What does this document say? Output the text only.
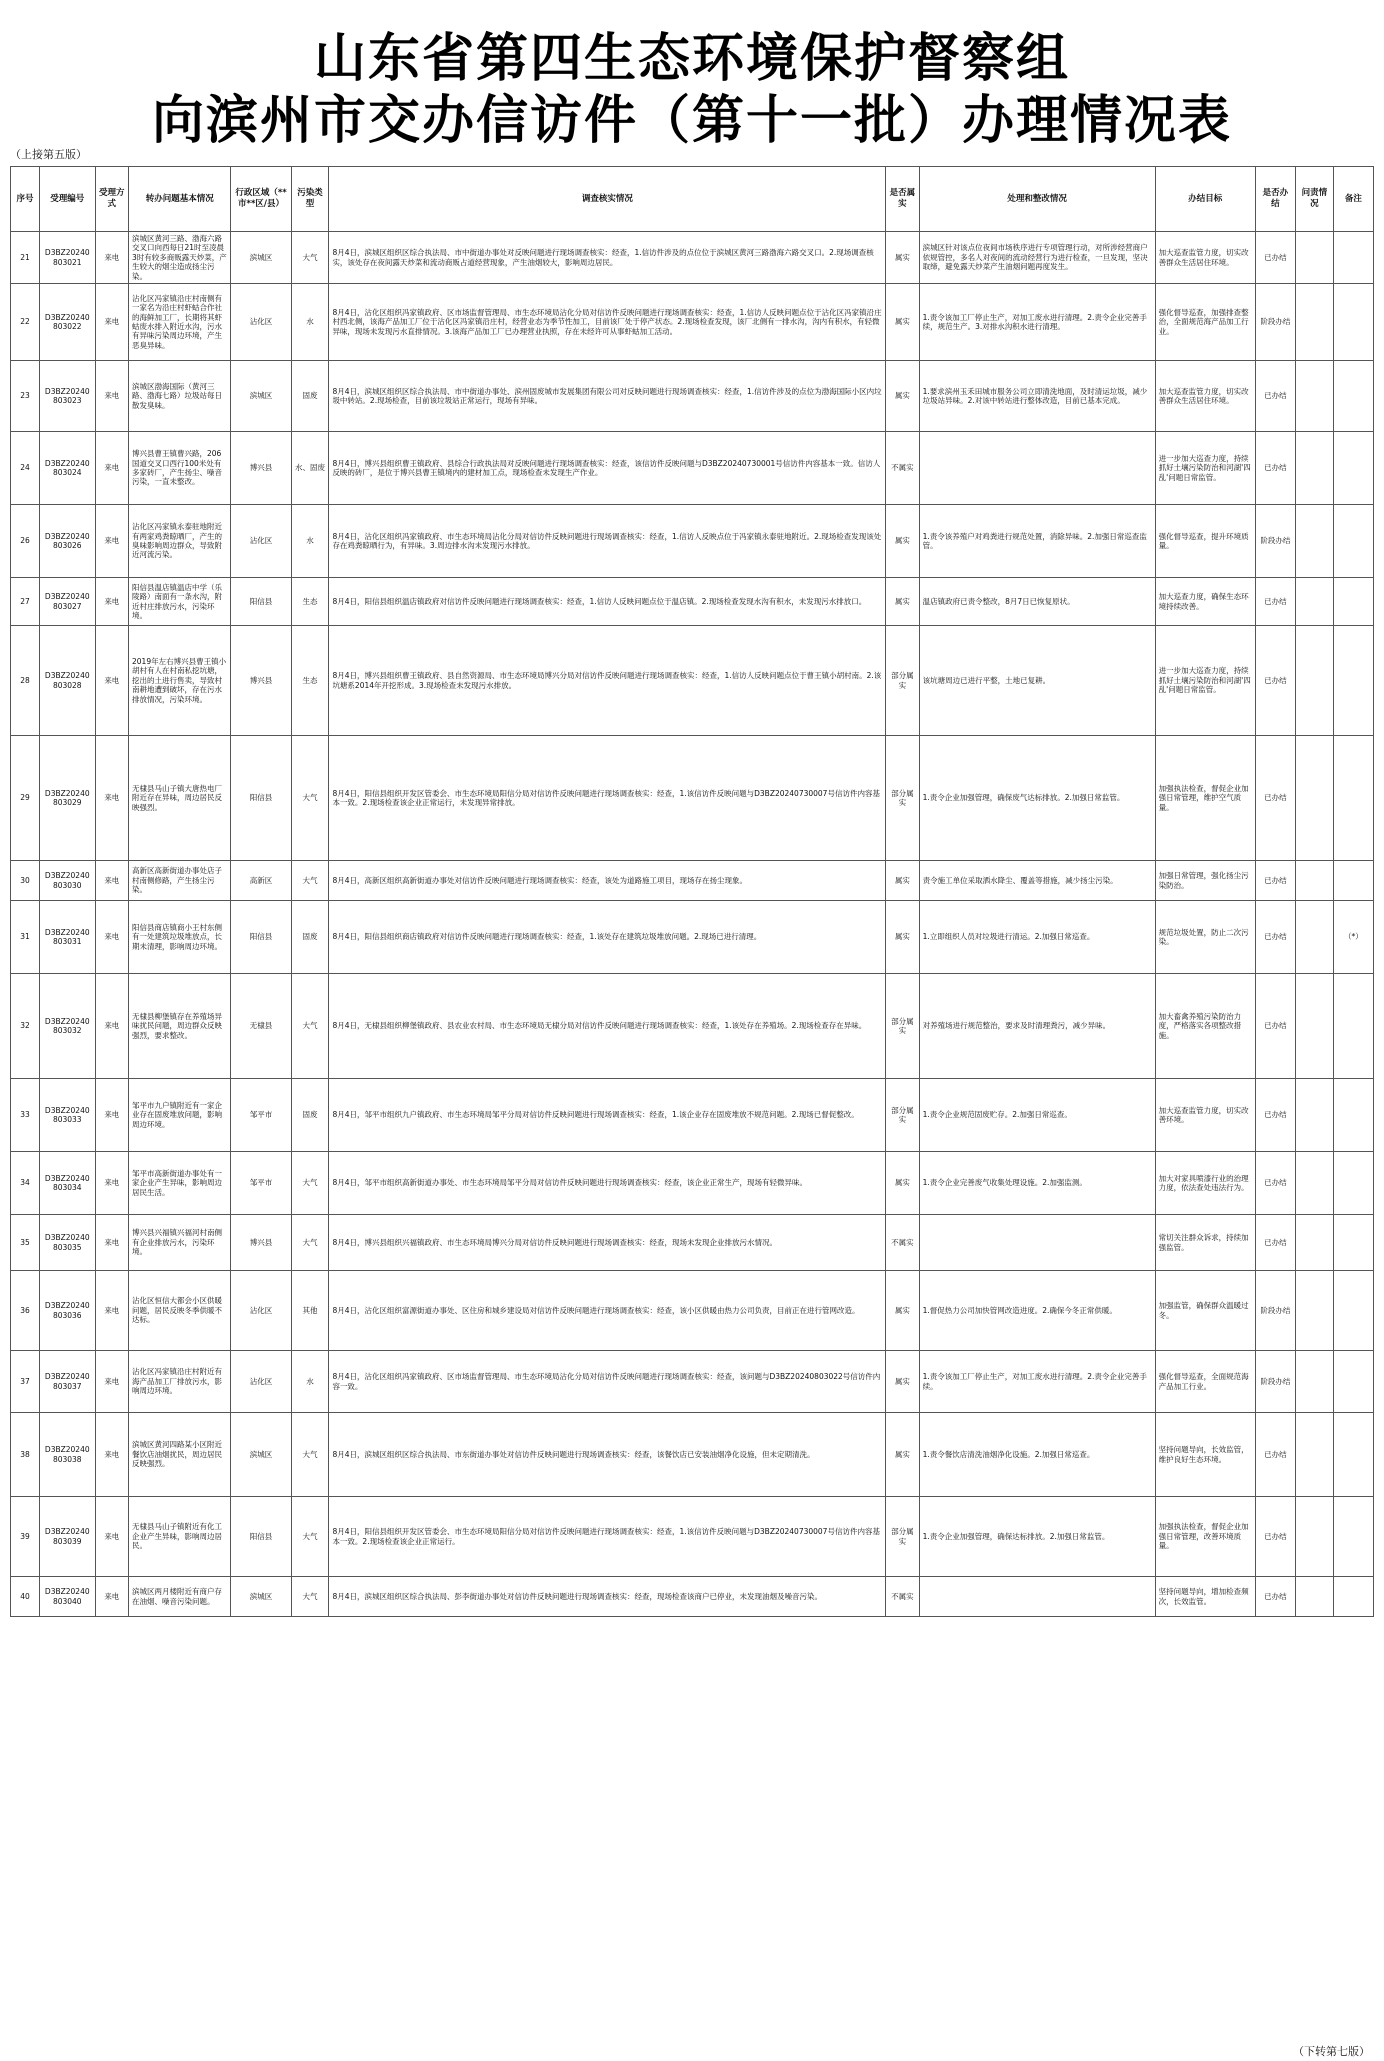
山东省第四生态环境保护督察组
向滨州市交办信访件（第十一批）办理情况表
（上接第五版）
序号	受理编号	受理方式	转办问题基本情况	行政区域（**市**区/县）	污染类型	调查核实情况	是否属实	处理和整改情况	办结目标	是否办结	问责情况	备注
21	D3BZ20240803021	来电	滨城区黄河三路、渤海六路交叉口向西每日21时至凌晨3时有较多商贩露天炒菜，产生较大的烟尘造成扬尘污染。	滨城区	大气	8月4日，滨城区组织区综合执法局、市中街道办事处对反映问题进行现场调查核实：经查，1.信访件涉及的点位位于滨城区黄河三路渤海六路交叉口。2.现场调查核实，该处存在夜间露天炒菜和流动商贩占道经营现象，产生油烟较大，影响周边居民。	属实	滨城区针对该点位夜间市场秩序进行专项管理行动，对所涉经营商户依规管控，多名人对夜间的流动经营行为进行检查，一旦发现，坚决取缔，避免露天炒菜产生油烟问题再度发生。	加大巡查监管力度，切实改善群众生活居住环境。	已办结		
22	D3BZ20240803022	来电	沾化区冯家镇沿庄村南侧有一家名为沿庄村虾蛄合作社的海鲜加工厂，长期将其虾蛄废水排入附近水沟，污水有异味污染周边环境，产生恶臭异味。	沾化区	水	8月4日，沾化区组织冯家镇政府、区市场监督管理局、市生态环境局沾化分局对信访件反映问题进行现场调查核实：经查，1.信访人反映问题点位于沾化区冯家镇沿庄村西北侧，该海产品加工厂位于沾化区冯家镇沿庄村，经营业态为季节性加工，目前该厂处于停产状态。2.现场检查发现，该厂北侧有一排水沟，沟内有积水，有轻微异味，现场未发现污水直排情况。3.该海产品加工厂已办理营业执照，存在未经许可从事虾蛄加工活动。	属实	1.责令该加工厂停止生产，对加工废水进行清理。2.责令企业完善手续，规范生产。3.对排水沟积水进行清理。	强化督导巡查，加强排查整治，全面规范海产品加工行业。	阶段办结		
23	D3BZ20240803023	来电	滨城区渤海国际（黄河三路、渤海七路）垃圾站每日散发臭味。	滨城区	固废	8月4日，滨城区组织区综合执法局、市中街道办事处、滨州固废城市发展集团有限公司对反映问题进行现场调查核实：经查，1.信访件涉及的点位为渤海国际小区内垃圾中转站。2.现场检查，目前该垃圾站正常运行，现场有异味。	属实	1.要求滨州玉禾田城市服务公司立即清洗地面，及时清运垃圾，减少垃圾站异味。2.对该中转站进行整体改造，目前已基本完成。	加大巡查监管力度，切实改善群众生活居住环境。	已办结		
24	D3BZ20240803024	来电	博兴县曹王镇曹兴路，206国道交叉口西行100米处有多家砖厂，产生扬尘、噪音污染，一直未整改。	博兴县	水、固废	8月4日，博兴县组织曹王镇政府、县综合行政执法局对反映问题进行现场调查核实：经查，该信访件反映问题与D3BZ20240730001号信访件内容基本一致。信访人反映的砖厂，是位于博兴县曹王镇境内的建材加工点，现场检查未发现生产作业。	不属实		进一步加大巡查力度，持续抓好土壤污染防治和河湖'四乱'问题日常监管。	已办结		
26	D3BZ20240803026	来电	沾化区冯家镇永泰驻地附近有两家鸡粪晾晒厂，产生的臭味影响周边群众，导致附近河流污染。	沾化区	水	8月4日，沾化区组织冯家镇政府、市生态环境局沾化分局对信访件反映问题进行现场调查核实：经查，1.信访人反映点位于冯家镇永泰驻地附近。2.现场检查发现该处存在鸡粪晾晒行为，有异味。3.周边排水沟未发现污水排放。	属实	1.责令该养殖户对鸡粪进行规范处置，消除异味。2.加强日常巡查监管。	强化督导巡查，提升环境质量。	阶段办结		
27	D3BZ20240803027	来电	阳信县温店镇温店中学（乐陵路）南面有一条水沟，附近村庄排放污水，污染环境。	阳信县	生态	8月4日，阳信县组织温店镇政府对信访件反映问题进行现场调查核实：经查，1.信访人反映问题点位于温店镇。2.现场检查发现水沟有积水，未发现污水排放口。	属实	温店镇政府已责令整改，8月7日已恢复原状。	加大巡查力度，确保生态环境持续改善。	已办结		
28	D3BZ20240803028	来电	2019年左右博兴县曹王镇小胡村有人在村南私挖坑塘，挖出的土进行售卖，导致村南耕地遭到破坏，存在污水排放情况，污染环境。	博兴县	生态	8月4日，博兴县组织曹王镇政府、县自然资源局、市生态环境局博兴分局对信访件反映问题进行现场调查核实：经查，1.信访人反映问题点位于曹王镇小胡村南。2.该坑塘系2014年开挖形成。3.现场检查未发现污水排放。	部分属实	该坑塘周边已进行平整，土地已复耕。	进一步加大巡查力度，持续抓好土壤污染防治和河湖'四乱'问题日常监管。	已办结		
29	D3BZ20240803029	来电	无棣县马山子镇大唐热电厂附近存在异味，周边居民反映强烈。	阳信县	大气	8月4日，阳信县组织开发区管委会、市生态环境局阳信分局对信访件反映问题进行现场调查核实：经查，1.该信访件反映问题与D3BZ20240730007号信访件内容基本一致。2.现场检查该企业正常运行，未发现异常排放。	部分属实	1.责令企业加强管理，确保废气达标排放。2.加强日常监管。	加强执法检查，督促企业加强日常管理，维护空气质量。	已办结		
30	D3BZ20240803030	来电	高新区高新街道办事处店子村南侧修路，产生扬尘污染。	高新区	大气	8月4日，高新区组织高新街道办事处对信访件反映问题进行现场调查核实：经查，该处为道路施工项目，现场存在扬尘现象。	属实	责令施工单位采取洒水降尘、覆盖等措施，减少扬尘污染。	加强日常管理，强化扬尘污染防治。	已办结		
31	D3BZ20240803031	来电	阳信县商店镇商小王村东侧有一处建筑垃圾堆放点，长期未清理，影响周边环境。	阳信县	固废	8月4日，阳信县组织商店镇政府对信访件反映问题进行现场调查核实：经查，1.该处存在建筑垃圾堆放问题。2.现场已进行清理。	属实	1.立即组织人员对垃圾进行清运。2.加强日常巡查。	规范垃圾处置，防止二次污染。	已办结		（*）
32	D3BZ20240803032	来电	无棣县柳堡镇存在养殖场异味扰民问题，周边群众反映强烈，要求整改。	无棣县	大气	8月4日，无棣县组织柳堡镇政府、县农业农村局、市生态环境局无棣分局对信访件反映问题进行现场调查核实：经查，1.该处存在养殖场。2.现场检查存在异味。	部分属实	对养殖场进行规范整治，要求及时清理粪污，减少异味。	加大畜禽养殖污染防治力度，严格落实各项整改措施。	已办结		
33	D3BZ20240803033	来电	邹平市九户镇附近有一家企业存在固废堆放问题，影响周边环境。	邹平市	固废	8月4日，邹平市组织九户镇政府、市生态环境局邹平分局对信访件反映问题进行现场调查核实：经查，1.该企业存在固废堆放不规范问题。2.现场已督促整改。	部分属实	1.责令企业规范固废贮存。2.加强日常巡查。	加大巡查监管力度，切实改善环境。	已办结		
34	D3BZ20240803034	来电	邹平市高新街道办事处有一家企业产生异味，影响周边居民生活。	邹平市	大气	8月4日，邹平市组织高新街道办事处、市生态环境局邹平分局对信访件反映问题进行现场调查核实：经查，该企业正常生产，现场有轻微异味。	属实	1.责令企业完善废气收集处理设施。2.加强监测。	加大对家具喷漆行业的治理力度，依法查处违法行为。	已办结		
35	D3BZ20240803035	来电	博兴县兴福镇兴福河村南侧有企业排放污水，污染环境。	博兴县	大气	8月4日，博兴县组织兴福镇政府、市生态环境局博兴分局对信访件反映问题进行现场调查核实：经查，现场未发现企业排放污水情况。	不属实		常切关注群众诉求，持续加强监管。	已办结		
36	D3BZ20240803036	来电	沾化区恒信大都会小区供暖问题，居民反映冬季供暖不达标。	沾化区	其他	8月4日，沾化区组织富源街道办事处、区住房和城乡建设局对信访件反映问题进行现场调查核实：经查，该小区供暖由热力公司负责，目前正在进行管网改造。	属实	1.督促热力公司加快管网改造进度。2.确保今冬正常供暖。	加强监管，确保群众温暖过冬。	阶段办结		
37	D3BZ20240803037	来电	沾化区冯家镇沿庄村附近有海产品加工厂排放污水，影响周边环境。	沾化区	水	8月4日，沾化区组织冯家镇政府、区市场监督管理局、市生态环境局沾化分局对信访件反映问题进行现场调查核实：经查，该问题与D3BZ20240803022号信访件内容一致。	属实	1.责令该加工厂停止生产，对加工废水进行清理。2.责令企业完善手续。	强化督导巡查，全面规范海产品加工行业。	阶段办结		
38	D3BZ20240803038	来电	滨城区黄河四路某小区附近餐饮店油烟扰民，周边居民反映强烈。	滨城区	大气	8月4日，滨城区组织区综合执法局、市东街道办事处对信访件反映问题进行现场调查核实：经查，该餐饮店已安装油烟净化设施，但未定期清洗。	属实	1.责令餐饮店清洗油烟净化设施。2.加强日常巡查。	坚持问题导向，长效监管，维护良好生态环境。	已办结		
39	D3BZ20240803039	来电	无棣县马山子镇附近有化工企业产生异味，影响周边居民。	阳信县	大气	8月4日，阳信县组织开发区管委会、市生态环境局阳信分局对信访件反映问题进行现场调查核实：经查，1.该信访件反映问题与D3BZ20240730007号信访件内容基本一致。2.现场检查该企业正常运行。	部分属实	1.责令企业加强管理，确保达标排放。2.加强日常监管。	加强执法检查，督促企业加强日常管理，改善环境质量。	已办结		
40	D3BZ20240803040	来电	滨城区两月楼附近有商户存在油烟、噪音污染问题。	滨城区	大气	8月4日，滨城区组织区综合执法局、彭李街道办事处对信访件反映问题进行现场调查核实：经查，现场检查该商户已停业，未发现油烟及噪音污染。	不属实		坚持问题导向，增加检查频次，长效监管。	已办结		
（下转第七版）
